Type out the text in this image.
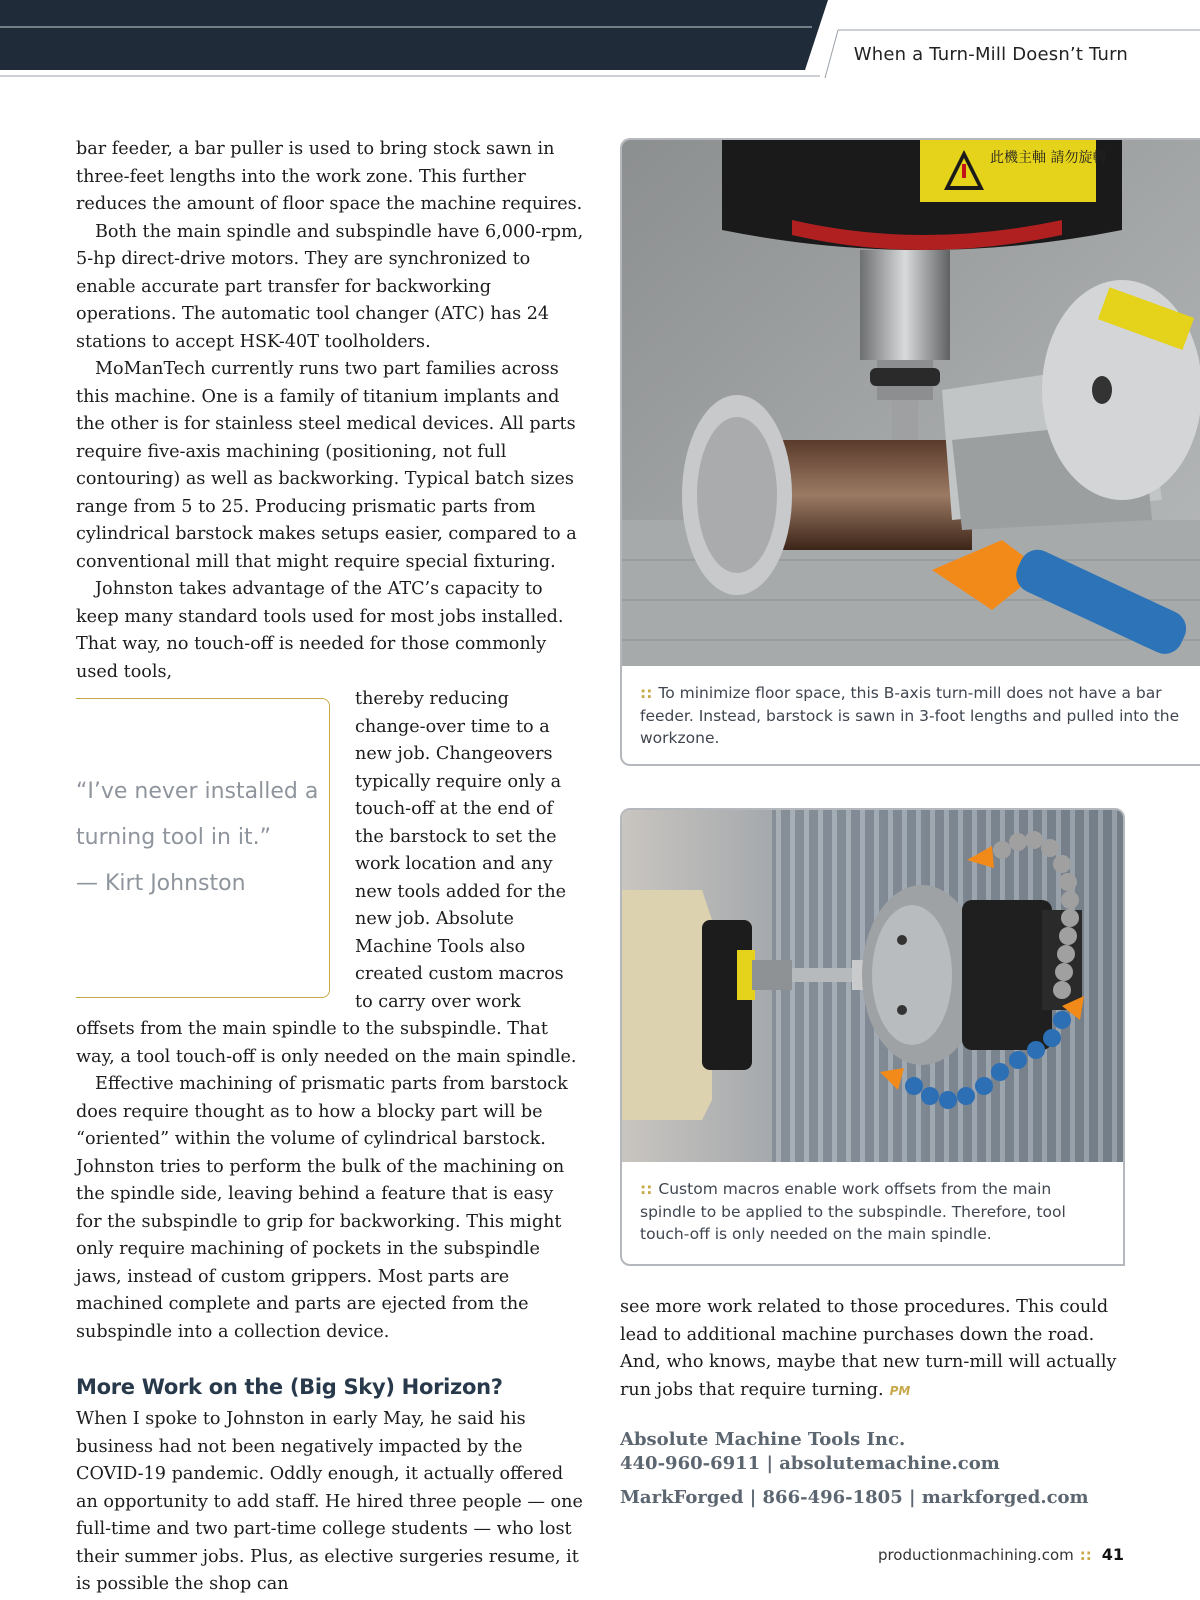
When a Turn-Mill Doesn’t Turn

bar feeder, a bar puller is used to bring stock sawn in three-feet lengths into the work zone. This further reduces the amount of floor space the machine requires.

Both the main spindle and subspindle have 6,000-rpm, 5-hp direct-drive motors. They are synchronized to enable accurate part transfer for backworking operations. The automatic tool changer (ATC) has 24 stations to accept HSK-40T toolholders.

MoManTech currently runs two part families across this machine. One is a family of titanium implants and the other is for stainless steel medical devices. All parts require five-axis machining (positioning, not full contouring) as well as backworking. Typical batch sizes range from 5 to 25. Producing prismatic parts from cylindrical barstock makes setups easier, compared to a conventional mill that might require special fixturing.

Johnston takes advantage of the ATC’s capacity to keep many standard tools used for most jobs installed. That way, no touch-off is needed for those commonly used tools,

“I’ve never installed a
turning tool in it.”
— Kirt Johnston

thereby reducing change-over time to a new job. Changeovers typically require only a touch-off at the end of the barstock to set the work location and any new tools added for the new job. Absolute Machine Tools also created custom macros to carry over work offsets from the main spindle to the subspindle. That way, a tool touch-off is only needed on the main spindle.

Effective machining of prismatic parts from barstock does require thought as to how a blocky part will be “oriented” within the volume of cylindrical barstock. Johnston tries to perform the bulk of the machining on the spindle side, leaving behind a feature that is easy for the subspindle to grip for backworking. This might only require machining of pockets in the subspindle jaws, instead of custom grippers. Most parts are machined complete and parts are ejected from the subspindle into a collection device.

More Work on the (Big Sky) Horizon?

When I spoke to Johnston in early May, he said his business had not been negatively impacted by the COVID-19 pandemic. Oddly enough, it actually offered an opportunity to add staff. He hired three people — one full-time and two part-time college students — who lost their summer jobs. Plus, as elective surgeries resume, it is possible the shop can

此機主軸 請勿旋轉
:: To minimize floor space, this B-axis turn-mill does not have a bar feeder. Instead, barstock is sawn in 3-foot lengths and pulled into the workzone.
:: Custom macros enable work offsets from the main spindle to be applied to the subspindle. Therefore, tool touch-off is only needed on the main spindle.

see more work related to those procedures. This could lead to additional machine purchases down the road. And, who knows, maybe that new turn-mill will actually run jobs that require turning. PM

Absolute Machine Tools Inc.
440-960-6911 | absolutemachine.com
MarkForged | 866-496-1805 | markforged.com
productionmachining.com :: 41
